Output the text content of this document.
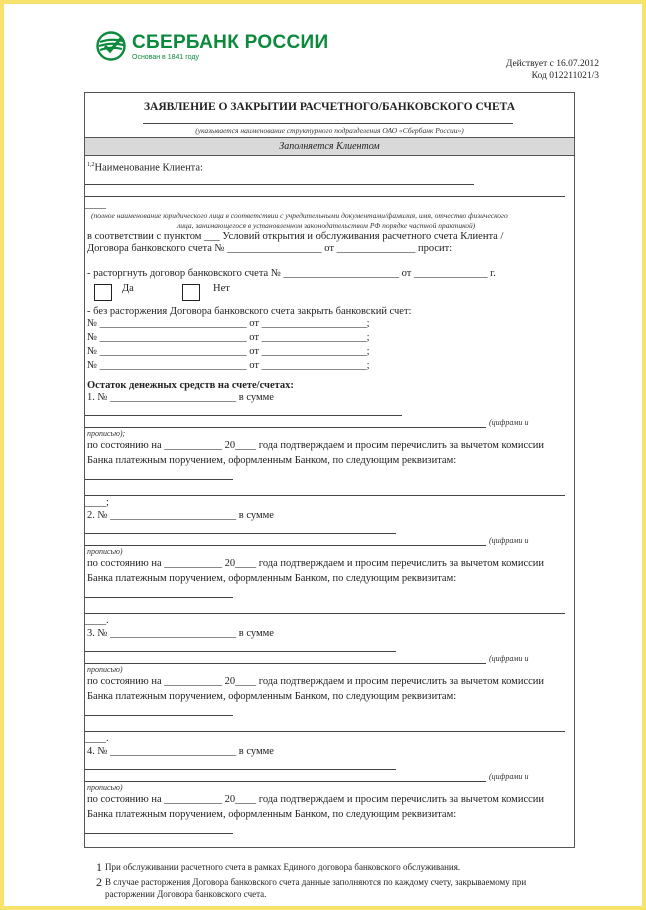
СБЕРБАНК РОССИИ
Основан в 1841 году
Действует с 16.07.2012
Код 012211021/3
ЗАЯВЛЕНИЕ О ЗАКРЫТИИ РАСЧЕТНОГО/БАНКОВСКОГО СЧЕТА
(указывается наименование структурного подразделения ОАО «Сбербанк России»)
Заполняется Клиентом
$^{1,2}$Наименование Клиента:
____
(полное наименование юридического лица в соответствии с учредительными документами/фамилия, имя, отчество физического
лица, занимающегося в установленном законодательством РФ порядке частной практикой)
в соответствии с пунктом ___ Условий открытия и обслуживания расчетного счета Клиента /
Договора банковского счета № __________________ от _______________ просит:
- расторгнуть договор банковского счета № ______________________ от ______________ г.
Да	Нет
- без расторжения Договора банковского счета закрыть банковский счет:
№ ____________________________ от ____________________;
№ ____________________________ от ____________________;
№ ____________________________ от ____________________;
№ ____________________________ от ____________________;
Остаток денежных средств на счете/счетах:
1. № ________________________ в сумме
(цифрами и
прописью);
по состоянию на ___________ 20____ года подтверждаем и просим перечислить за вычетом комиссии
Банка платежным поручением, оформленным Банком, по следующим реквизитам:
____;
2. № ________________________ в сумме
(цифрами и
прописью)
по состоянию на ___________ 20____ года подтверждаем и просим перечислить за вычетом комиссии
Банка платежным поручением, оформленным Банком, по следующим реквизитам:
____.
3. № ________________________ в сумме
(цифрами и
прописью)
по состоянию на ___________ 20____ года подтверждаем и просим перечислить за вычетом комиссии
Банка платежным поручением, оформленным Банком, по следующим реквизитам:
____.
4. № ________________________ в сумме
(цифрами и
прописью)
по состоянию на ___________ 20____ года подтверждаем и просим перечислить за вычетом комиссии
Банка платежным поручением, оформленным Банком, по следующим реквизитам:
1 При обслуживании расчетного счета в рамках Единого договора банковского обслуживания.
2 В случае расторжения Договора банковского счета данные заполняются по каждому счету, закрываемому при
расторжении Договора банковского счета.
